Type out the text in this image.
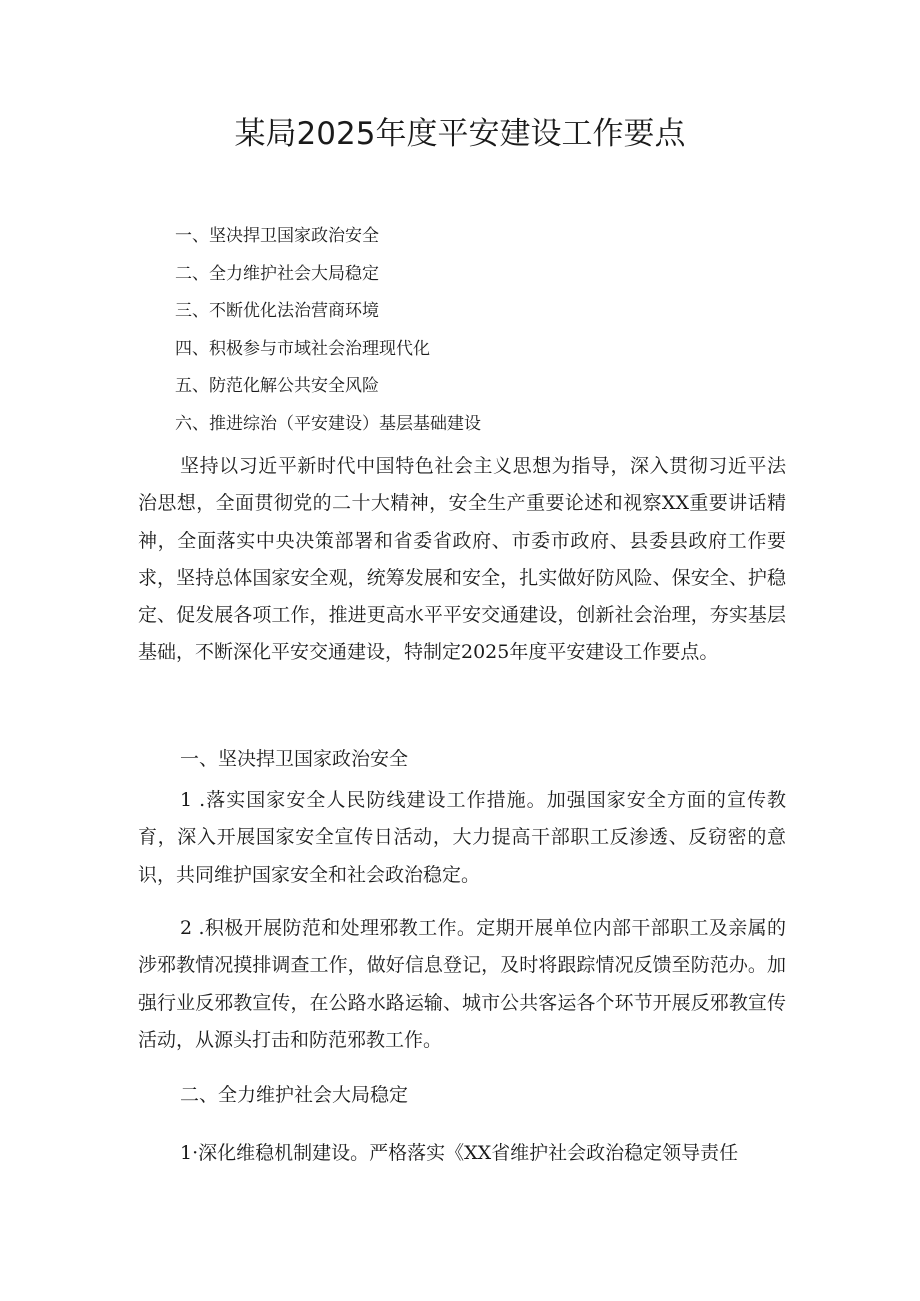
某局2025年度平安建设工作要点
一、坚决捍卫国家政治安全
二、全力维护社会大局稳定
三、不断优化法治营商环境
四、积极参与市域社会治理现代化
五、防范化解公共安全风险
六、推进综治（平安建设）基层基础建设

坚持以习近平新时代中国特色社会主义思想为指导，深入贯彻习近平法治思想，全面贯彻党的二十大精神，安全生产重要论述和视察XX重要讲话精神，全面落实中央决策部署和省委省政府、市委市政府、县委县政府工作要求，坚持总体国家安全观，统筹发展和安全，扎实做好防风险、保安全、护稳定、促发展各项工作，推进更高水平平安交通建设，创新社会治理，夯实基层基础，不断深化平安交通建设，特制定2025年度平安建设工作要点。

一、坚决捍卫国家政治安全

1 .落实国家安全人民防线建设工作措施。加强国家安全方面的宣传教育，深入开展国家安全宣传日活动，大力提高干部职工反渗透、反窃密的意识，共同维护国家安全和社会政治稳定。

2 .积极开展防范和处理邪教工作。定期开展单位内部干部职工及亲属的涉邪教情况摸排调查工作，做好信息登记，及时将跟踪情况反馈至防范办。加强行业反邪教宣传，在公路水路运输、城市公共客运各个环节开展反邪教宣传活动，从源头打击和防范邪教工作。

二、全力维护社会大局稳定

1·深化维稳机制建设。严格落实《XX省维护社会政治稳定领导责任
